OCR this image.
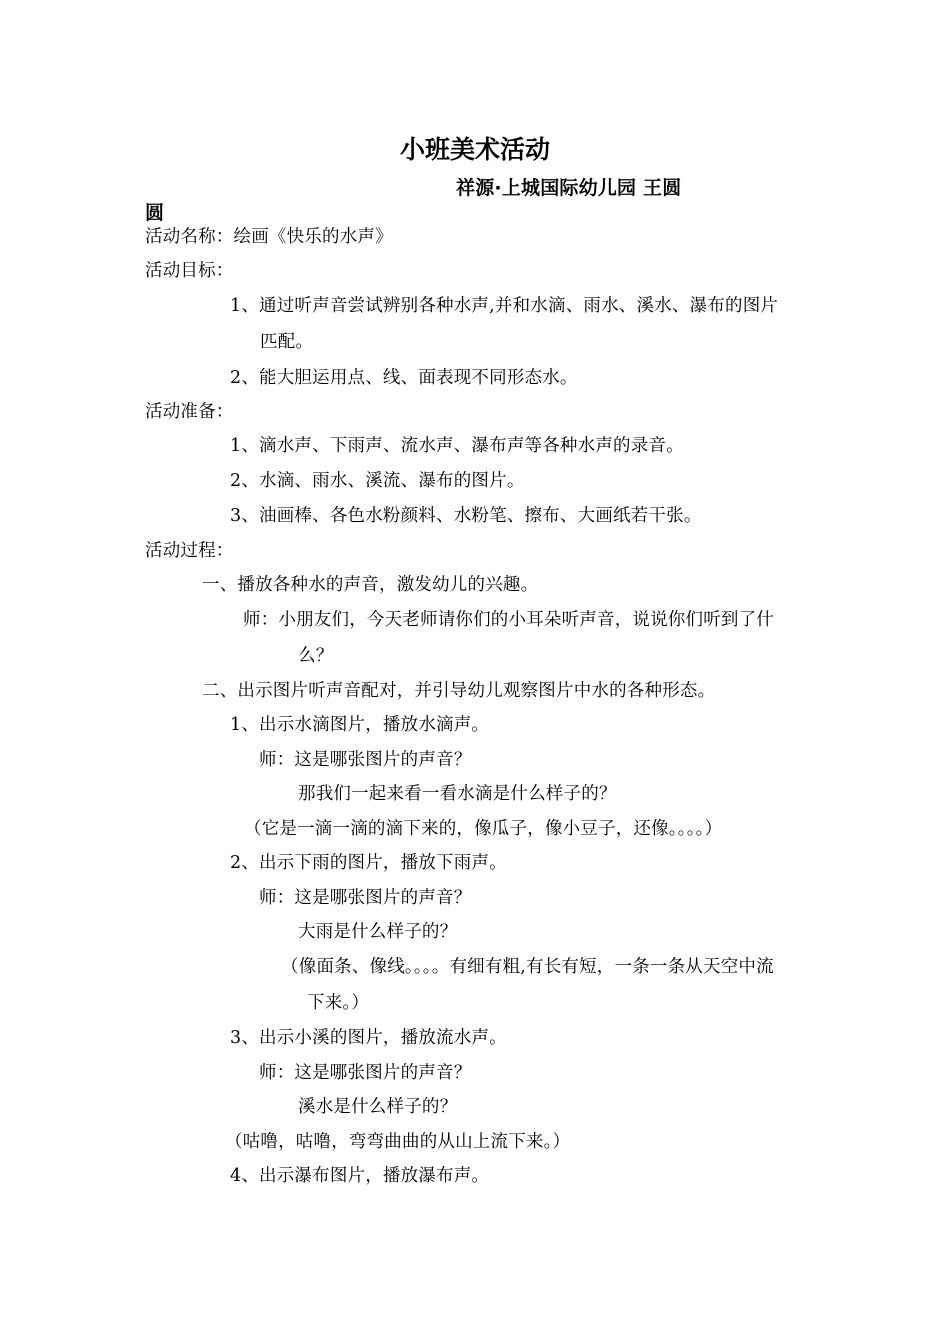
小班美术活动
祥源·上城国际幼儿园 王圆
圆
活动名称：绘画《快乐的水声》
活动目标：
1、通过听声音尝试辨别各种水声,并和水滴、雨水、溪水、瀑布的图片
匹配。
2、能大胆运用点、线、面表现不同形态水。
活动准备：
1、滴水声、下雨声、流水声、瀑布声等各种水声的录音。
2、水滴、雨水、溪流、瀑布的图片。
3、油画棒、各色水粉颜料、水粉笔、擦布、大画纸若干张。
活动过程：
一、播放各种水的声音，激发幼儿的兴趣。
师：小朋友们，今天老师请你们的小耳朵听声音，说说你们听到了什
么？
二、出示图片听声音配对，并引导幼儿观察图片中水的各种形态。
1、出示水滴图片，播放水滴声。
师：这是哪张图片的声音？
那我们一起来看一看水滴是什么样子的？
（它是一滴一滴的滴下来的，像瓜子，像小豆子，还像。。。。）
2、出示下雨的图片，播放下雨声。
师：这是哪张图片的声音？
大雨是什么样子的？
（像面条、像线。。。。有细有粗,有长有短，一条一条从天空中流
下来。）
3、出示小溪的图片，播放流水声。
师：这是哪张图片的声音？
溪水是什么样子的？
（咕噜，咕噜，弯弯曲曲的从山上流下来。）
4、出示瀑布图片，播放瀑布声。
